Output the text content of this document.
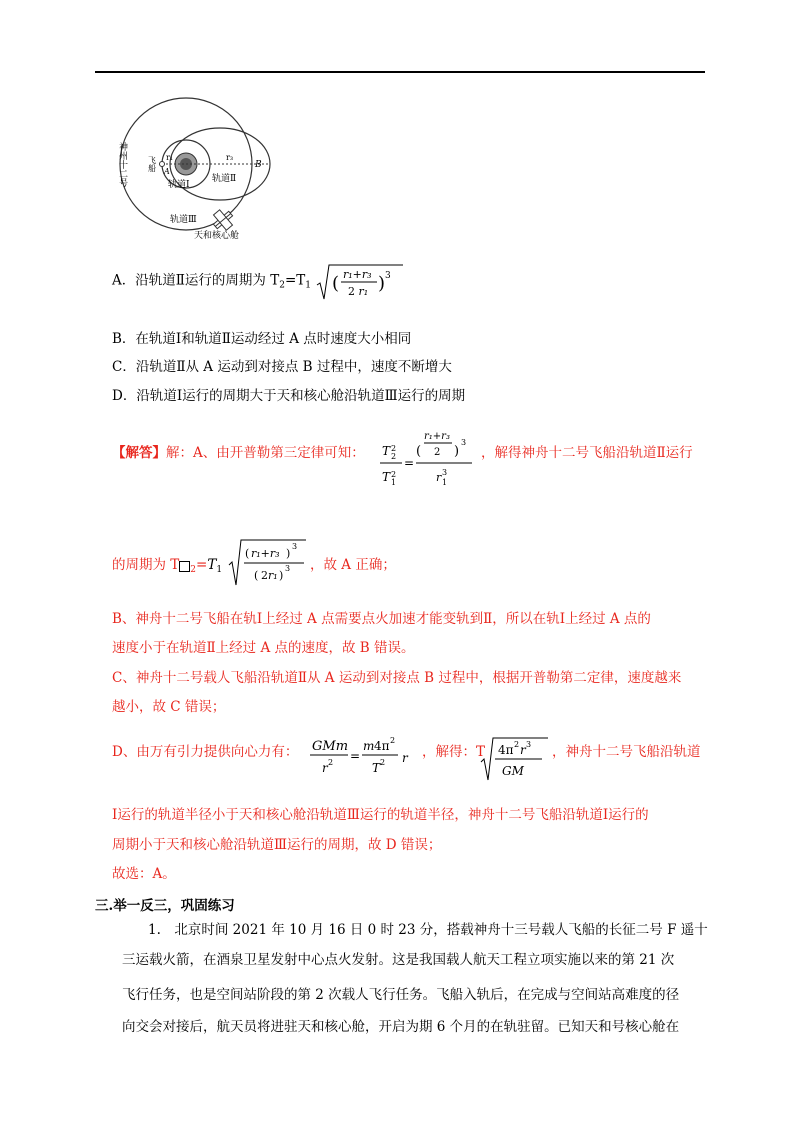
r₁	r₃
A
B
轨道Ⅰ
轨道Ⅱ
轨道Ⅲ
天和核心舱
神州十二号	飞船
A．沿轨道Ⅱ运行的周期为 $T_2=T_1$ ( r₁+r₃
2 r₁ ) 3
B．在轨道Ⅰ和轨道Ⅱ运动经过 A 点时速度大小相同
C．沿轨道Ⅱ从 A 运动到对接点 B 过程中，速度不断增大
D．沿轨道Ⅰ运行的周期大于天和核心舱沿轨道Ⅲ运行的周期
【解答】解：A、由开普勒第三定律可知： T 2
2
T 2
1
=
(
r₁+r₃
2 )
3
r 3
1
，解得神舟十二号飞船沿轨道Ⅱ运行
的周期为 T $_2=T_1$
( r₁+r₃ )
3
( 2r₁ )
3 ，故 A 正确；
B、神舟十二号飞船在轨Ⅰ上经过 A 点需要点火加速才能变轨到Ⅱ，所以在轨Ⅰ上经过 A 点的
速度小于在轨道Ⅱ上经过 A 点的速度，故 B 错误。
C、神舟十二号载人飞船沿轨道Ⅱ从 A 运动到对接点 B 过程中，根据开普勒第二定律，速度越来
越小，故 C 错误；
D、由万有引力提供向心力有： GMm
r 2 =
m 4π 2
T 2 r ，解得：T 4π 2 r 3
GM
，神舟十二号飞船沿轨道
Ⅰ运行的轨道半径小于天和核心舱沿轨道Ⅲ运行的轨道半径，神舟十二号飞船沿轨道Ⅰ运行的
周期小于天和核心舱沿轨道Ⅲ运行的周期，故 D 错误；
故选：A。
三.举一反三，巩固练习
1.　北京时间 2021 年 10 月 16 日 0 时 23 分，搭载神舟十三号载人飞船的长征二号 F 遥十
三运载火箭，在酒泉卫星发射中心点火发射。这是我国载人航天工程立项实施以来的第 21 次
飞行任务，也是空间站阶段的第 2 次载人飞行任务。飞船入轨后，在完成与空间站高难度的径
向交会对接后，航天员将进驻天和核心舱，开启为期 6 个月的在轨驻留。已知天和号核心舱在
